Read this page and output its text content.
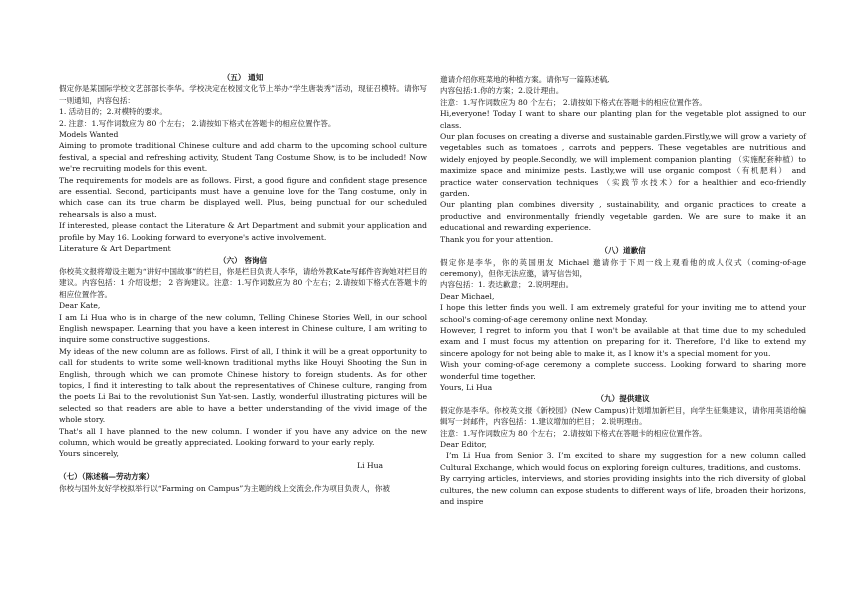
（五） 通知

假定你是某国际学校文艺部部长李华。学校决定在校园文化节上举办“学生唐装秀”活动，现征召模特。请你写一则通知，内容包括：

1. 活动目的；2.对模特的要求。

2. 注意：1.写作词数应为 80 个左右； 2.请按如下格式在答题卡的相应位置作答。

Models Wanted

Aiming to promote traditional Chinese culture and add charm to the upcoming school culture festival, a special and refreshing activity, Student Tang Costume Show, is to be included! Now we're recruiting models for this event.

The requirements for models are as follows. First, a good figure and confident stage presence are essential. Second, participants must have a genuine love for the Tang costume, only in which case can its true charm be displayed well. Plus, being punctual for our scheduled rehearsals is also a must.

If interested, please contact the Literature & Art Department and submit your application and profile by May 16. Looking forward to everyone's active involvement.

Literature & Art Department

（六） 咨询信

你校英文报将增设主题为“讲好中国故事”的栏目，你是栏目负责人李华，请给外教Kate写邮件咨询她对栏目的建议。内容包括：1 介绍设想； 2 咨询建议。注意：1.写作词数应为 80 个左右；2.请按如下格式在答题卡的相应位置作答。

Dear Kate,

I am Li Hua who is in charge of the new column, Telling Chinese Stories Well, in our school English newspaper. Learning that you have a keen interest in Chinese culture, I am writing to inquire some constructive suggestions.

My ideas of the new column are as follows. First of all, I think it will be a great opportunity to call for students to write some well-known traditional myths like Houyi Shooting the Sun in English, through which we can promote Chinese history to foreign students. As for other topics, I find it interesting to talk about the representatives of Chinese culture, ranging from the poets Li Bai to the revolutionist Sun Yat-sen. Lastly, wonderful illustrating pictures will be selected so that readers are able to have a better understanding of the vivid image of the whole story.

That's all I have planned to the new column. I wonder if you have any advice on the new column, which would be greatly appreciated. Looking forward to your early reply.

Yours sincerely,

Li Hua

（七）（陈述稿—劳动方案）

你校与国外友好学校拟举行以“Farming on Campus”为主题的线上交流会,作为项目负责人，你被

邀请介绍你班菜地的种植方案。请你写一篇陈述稿,

内容包括:1.你的方案；2.设计理由。

注意：1.写作词数应为 80 个左右； 2.请按如下格式在答题卡的相应位置作答。

Hi,everyone! Today I want to share our planting plan for the vegetable plot assigned to our class.

Our plan focuses on creating a diverse and sustainable garden.Firstly,we will grow a variety of vegetables such as tomatoes , carrots and peppers. These vegetables are nutritious and widely enjoyed by people.Secondly, we will implement companion planting （实施配套种植）to maximize space and minimize pests. Lastly,we will use organic compost（有机肥料） and practice water conservation techniques （实践节水技术）for a healthier and eco-friendly garden.

Our planting plan combines diversity , sustainability, and organic practices to create a productive and environmentally friendly vegetable garden. We are sure to make it an educational and rewarding experience.

Thank you for your attention.

（八）道歉信

假定你是李华，你的英国朋友 Michael 邀请你于下周一线上观看他的成人仪式（coming-of-age ceremony)，但你无法应邀，请写信告知，

内容包括：1. 表达歉意； 2.说明理由。

Dear Michael,

I hope this letter finds you well. I am extremely grateful for your inviting me to attend your school's coming-of-age ceremony online next Monday.

However, I regret to inform you that I won't be available at that time due to my scheduled exam and I must focus my attention on preparing for it. Therefore, I'd like to extend my sincere apology for not being able to make it, as I know it's a special moment for you.

Wish your coming-of-age ceremony a complete success. Looking forward to sharing more wonderful time together.

Yours, Li Hua

（九）提供建议

假定你是李华。你校英文报《新校园》(New Campus)计划增加新栏目，向学生征集建议，请你用英语给编辑写一封邮件，内容包括：1.建议增加的栏目； 2.说明理由。

注意：1.写作词数应为 80 个左右； 2.请按如下格式在答题卡的相应位置作答。

Dear Editor,

I’m Li Hua from Senior 3. I’m excited to share my suggestion for a new column called Cultural Exchange, which would focus on exploring foreign cultures, traditions, and customs.

By carrying articles, interviews, and stories providing insights into the rich diversity of global cultures, the new column can expose students to different ways of life, broaden their horizons, and inspire
